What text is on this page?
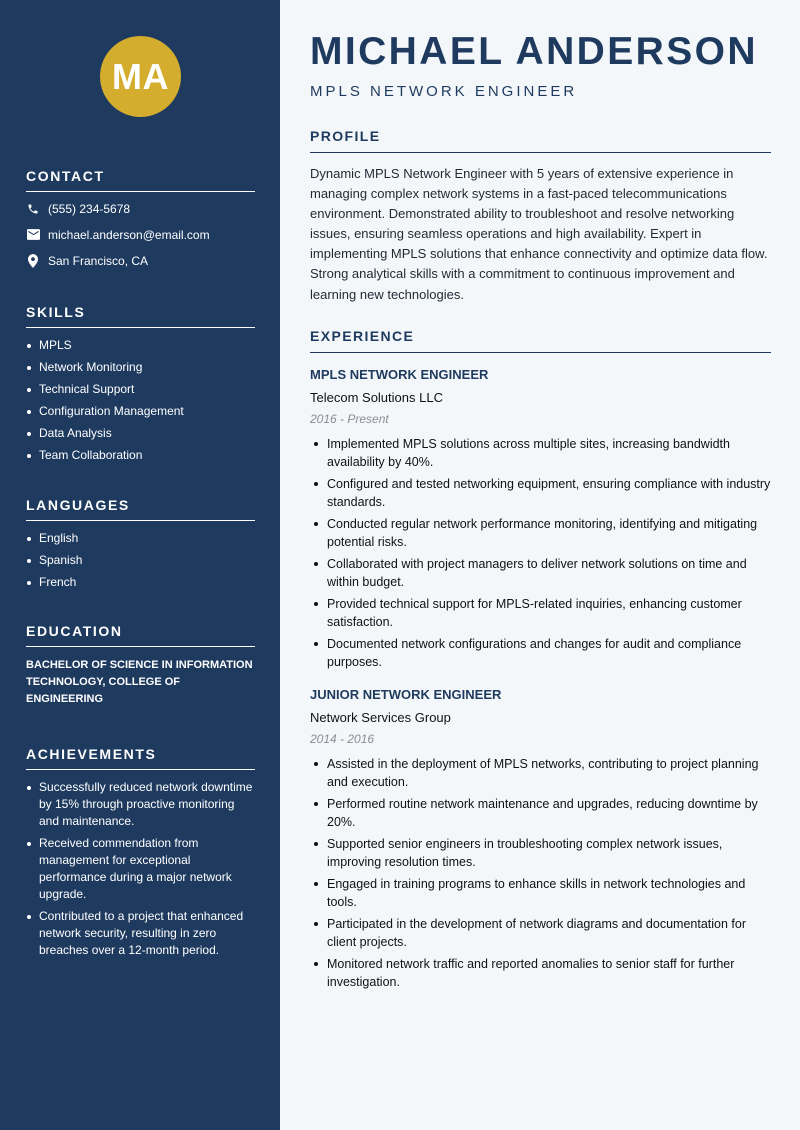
MA
CONTACT
(555) 234-5678
michael.anderson@email.com
San Francisco, CA
SKILLS
MPLS
Network Monitoring
Technical Support
Configuration Management
Data Analysis
Team Collaboration
LANGUAGES
English
Spanish
French
EDUCATION
BACHELOR OF SCIENCE IN INFORMATION TECHNOLOGY, COLLEGE OF ENGINEERING
ACHIEVEMENTS
Successfully reduced network downtime by 15% through proactive monitoring and maintenance.
Received commendation from management for exceptional performance during a major network upgrade.
Contributed to a project that enhanced network security, resulting in zero breaches over a 12-month period.
MICHAEL ANDERSON
MPLS NETWORK ENGINEER
PROFILE
Dynamic MPLS Network Engineer with 5 years of extensive experience in managing complex network systems in a fast-paced telecommunications environment. Demonstrated ability to troubleshoot and resolve networking issues, ensuring seamless operations and high availability. Expert in implementing MPLS solutions that enhance connectivity and optimize data flow. Strong analytical skills with a commitment to continuous improvement and learning new technologies.
EXPERIENCE
MPLS NETWORK ENGINEER
Telecom Solutions LLC
2016 - Present
Implemented MPLS solutions across multiple sites, increasing bandwidth availability by 40%.
Configured and tested networking equipment, ensuring compliance with industry standards.
Conducted regular network performance monitoring, identifying and mitigating potential risks.
Collaborated with project managers to deliver network solutions on time and within budget.
Provided technical support for MPLS-related inquiries, enhancing customer satisfaction.
Documented network configurations and changes for audit and compliance purposes.
JUNIOR NETWORK ENGINEER
Network Services Group
2014 - 2016
Assisted in the deployment of MPLS networks, contributing to project planning and execution.
Performed routine network maintenance and upgrades, reducing downtime by 20%.
Supported senior engineers in troubleshooting complex network issues, improving resolution times.
Engaged in training programs to enhance skills in network technologies and tools.
Participated in the development of network diagrams and documentation for client projects.
Monitored network traffic and reported anomalies to senior staff for further investigation.
